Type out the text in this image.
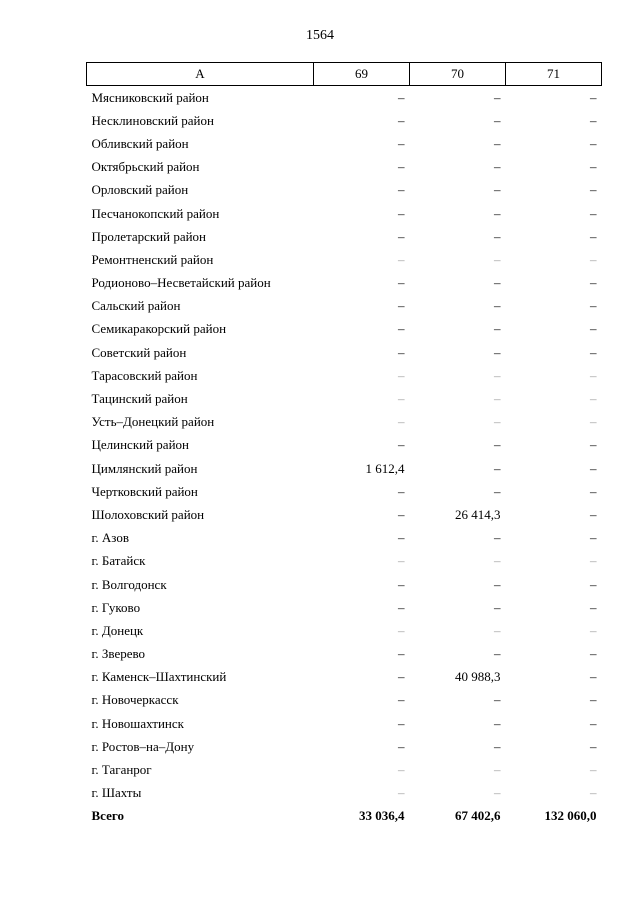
1564
А	69	70	71
Мясниковский район	–	–	–
Несклиновский район	–	–	–
Обливский район	–	–	–
Октябрьский район	–	–	–
Орловский район	–	–	–
Песчанокопский район	–	–	–
Пролетарский район	–	–	–
Ремонтненский район	–	–	–
Родионово–Несветайский район	–	–	–
Сальский район	–	–	–
Семикаракорский район	–	–	–
Советский район	–	–	–
Тарасовский район	–	–	–
Тацинский район	–	–	–
Усть–Донецкий район	–	–	–
Целинский район	–	–	–
Цимлянский район	1 612,4	–	–
Чертковский район	–	–	–
Шолоховский район	–	26 414,3	–
г. Азов	–	–	–
г. Батайск	–	–	–
г. Волгодонск	–	–	–
г. Гуково	–	–	–
г. Донецк	–	–	–
г. Зверево	–	–	–
г. Каменск–Шахтинский	–	40 988,3	–
г. Новочеркасск	–	–	–
г. Новошахтинск	–	–	–
г. Ростов–на–Дону	–	–	–
г. Таганрог	–	–	–
г. Шахты	–	–	–
Всего	33 036,4	67 402,6	132 060,0
